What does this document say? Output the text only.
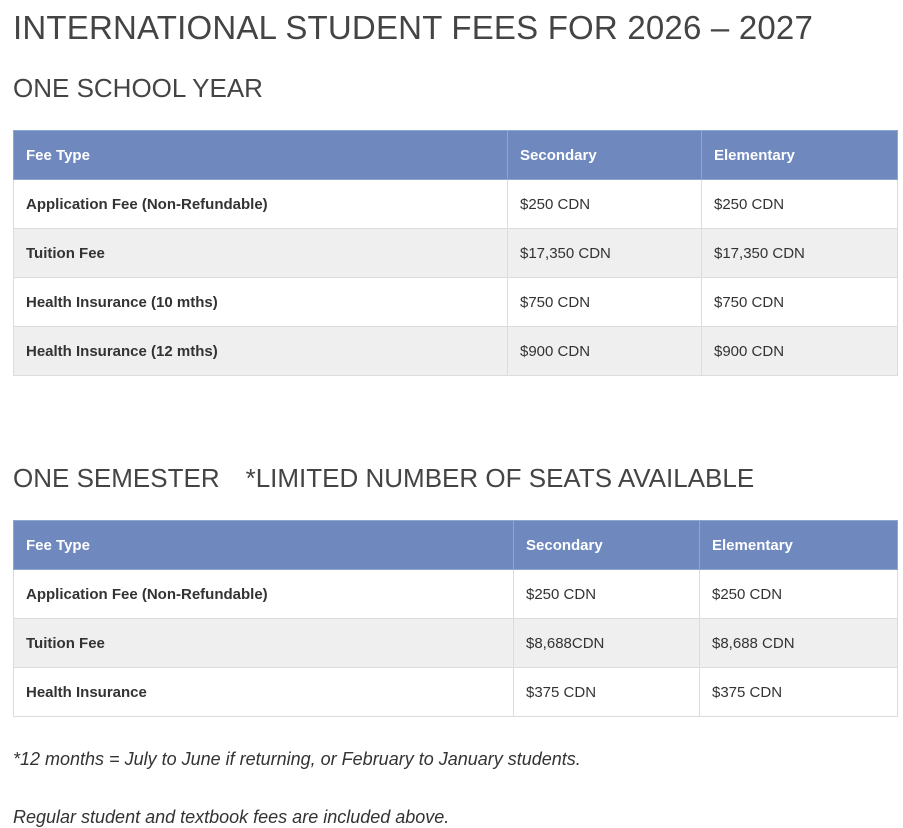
INTERNATIONAL STUDENT FEES FOR 2026 – 2027
ONE SCHOOL YEAR
Fee Type	Secondary	Elementary
Application Fee (Non-Refundable)	$250 CDN	$250 CDN
Tuition Fee	$17,350 CDN	$17,350 CDN
Health Insurance (10 mths)	$750 CDN	$750 CDN
Health Insurance (12 mths)	$900 CDN	$900 CDN
ONE SEMESTER *LIMITED NUMBER OF SEATS AVAILABLE
Fee Type	Secondary	Elementary
Application Fee (Non-Refundable)	$250 CDN	$250 CDN
Tuition Fee	$8,688CDN	$8,688 CDN
Health Insurance	$375 CDN	$375 CDN

*12 months = July to June if returning, or February to January students.

Regular student and textbook fees are included above.
